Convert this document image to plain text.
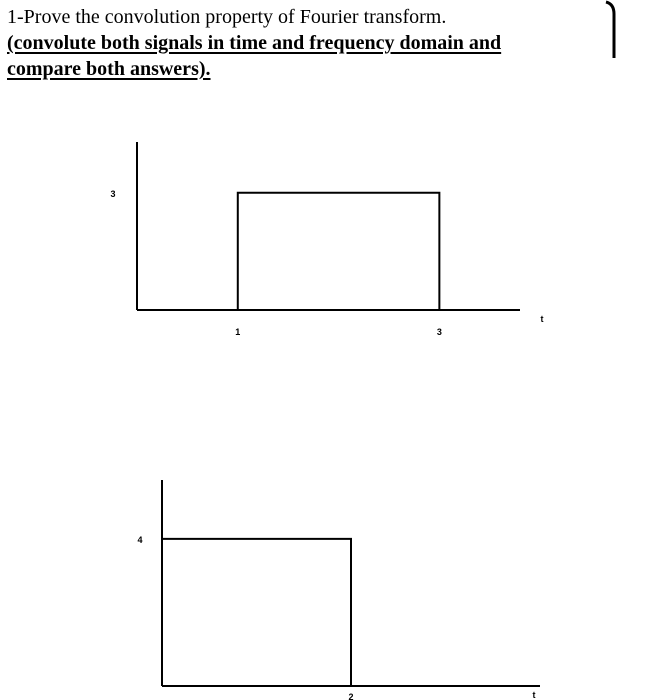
1-Prove the convolution property of Fourier transform.
(convolute both signals in time and frequency domain and
compare both answers).
3
1	3
t
4
2	t
